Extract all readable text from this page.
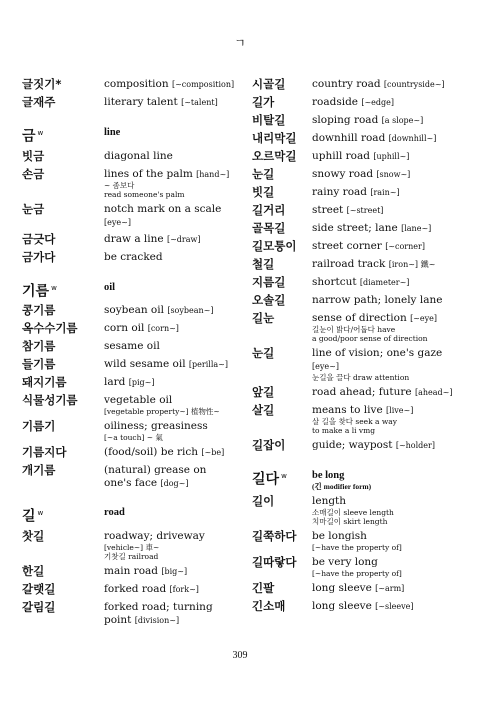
ㄱ
글짓기*	composition [~composition]
글재주	literary talent [~talent]
금 $^w$	line
빗금	diagonal line
손금	lines of the palm [hand~]
~ 좀보다
read someone's palm
눈금	notch mark on a scale [eye~]
금긋다	draw a line [~draw]
금가다	be cracked
기름 $^w$	oil
콩기름	soybean oil [soybean~]
옥수수기름	corn oil [corn~]
참기름	sesame oil
들기름	wild sesame oil [perilla~]
돼지기름	lard [pig~]
식물성기름	vegetable oil
[vegetable property~] 植物性~
기름기	oiliness; greasiness
[~a touch] ~ 氣
기름지다	(food/soil) be rich [~be]
개기름	(natural) grease on one's face [dog~]
길 $^w$	road
찻길	roadway; driveway
[vehicle~] 車~
기찻길 railroad
한길	main road [big~]
갈랫길	forked road [fork~]
갈림길	forked road; turning point [division~]
시골길	country road [countryside~]
길가	roadside [~edge]
비탈길	sloping road [a slope~]
내리막길	downhill road [downhill~]
오르막길	uphill road [uphill~]
눈길	snowy road [snow~]
빗길	rainy road [rain~]
길거리	street [~street]
골목길	side street; lane [lane~]
길모퉁이	street corner [~corner]
철길	railroad track [iron~] 鐵~
지름길	shortcut [diameter~]
오솔길	narrow path; lonely lane
길눈	sense of direction [~eye]
길눈이 밝다/어둡다 have
a good/poor sense of direction
눈길	line of vision; one's gaze [eye~]
눈길을 끌다 draw attention
앞길	road ahead; future [ahead~]
살길	means to live [live~]
살 길을 찾다 seek a way
to make a li vmg
길잡이	guide; waypost [~holder]
길다 $^w$	be long
(긴 modifier form)
길이	length
소매길이 sleeve length
치마길이 skirt length
길쭉하다	be longish
[~have the property of]
길따랗다	be very long
[~have the property of]
긴팔	long sleeve [~arm]
긴소매	long sleeve [~sleeve]
309
